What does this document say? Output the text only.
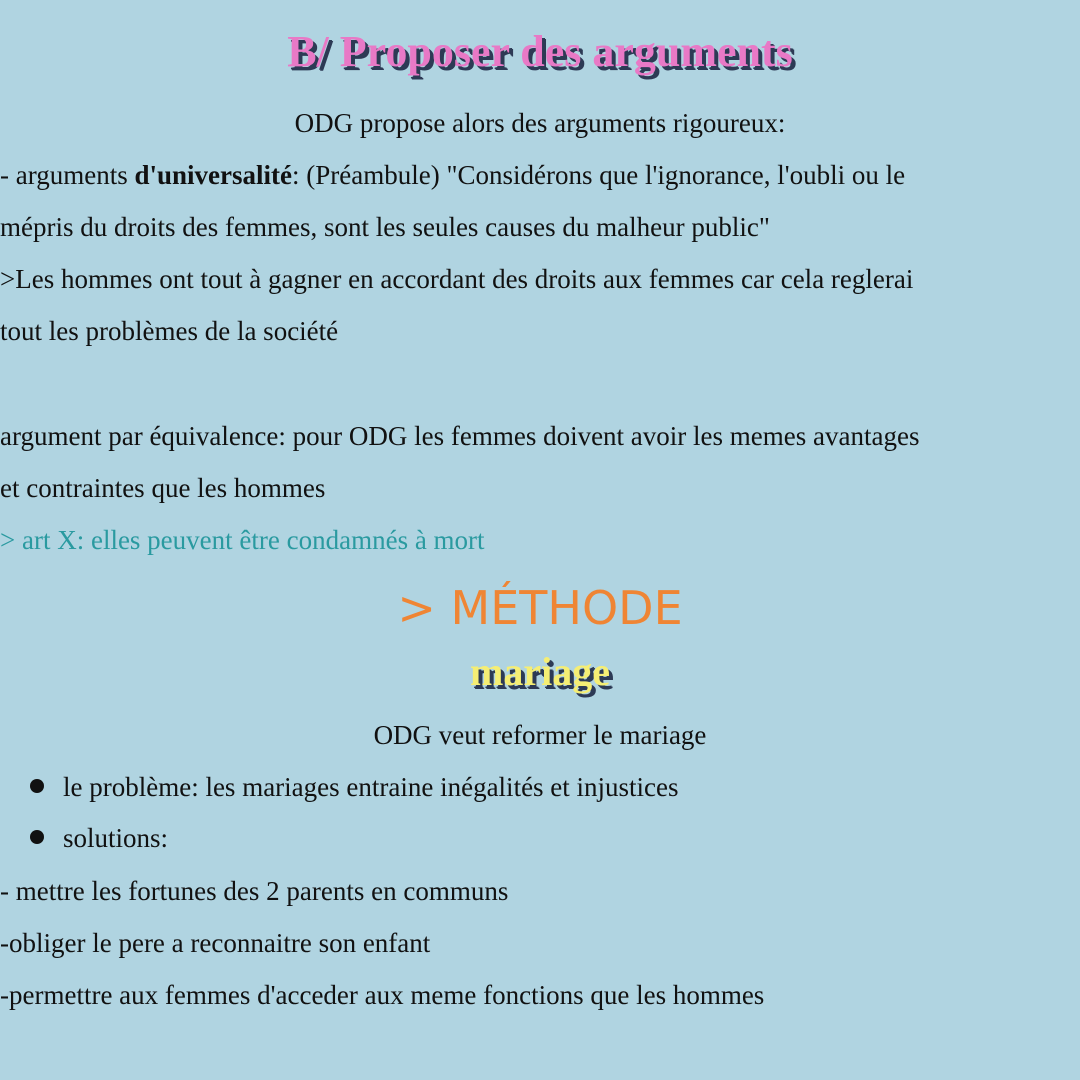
B/ Proposer des arguments
ODG propose alors des arguments rigoureux:
- arguments d'universalité: (Préambule) "Considérons que l'ignorance, l'oubli ou le
mépris du droits des femmes, sont les seules causes du malheur public"
>Les hommes ont tout à gagner en accordant des droits aux femmes car cela reglerai
tout les problèmes de la société
argument par équivalence: pour ODG les femmes doivent avoir les memes avantages
et contraintes que les hommes
> art X: elles peuvent être condamnés à mort
> MÉTHODE
mariage
ODG veut reformer le mariage
le problème: les mariages entraine inégalités et injustices
solutions:
- mettre les fortunes des 2 parents en communs
-obliger le pere a reconnaitre son enfant
-permettre aux femmes d'acceder aux meme fonctions que les hommes
